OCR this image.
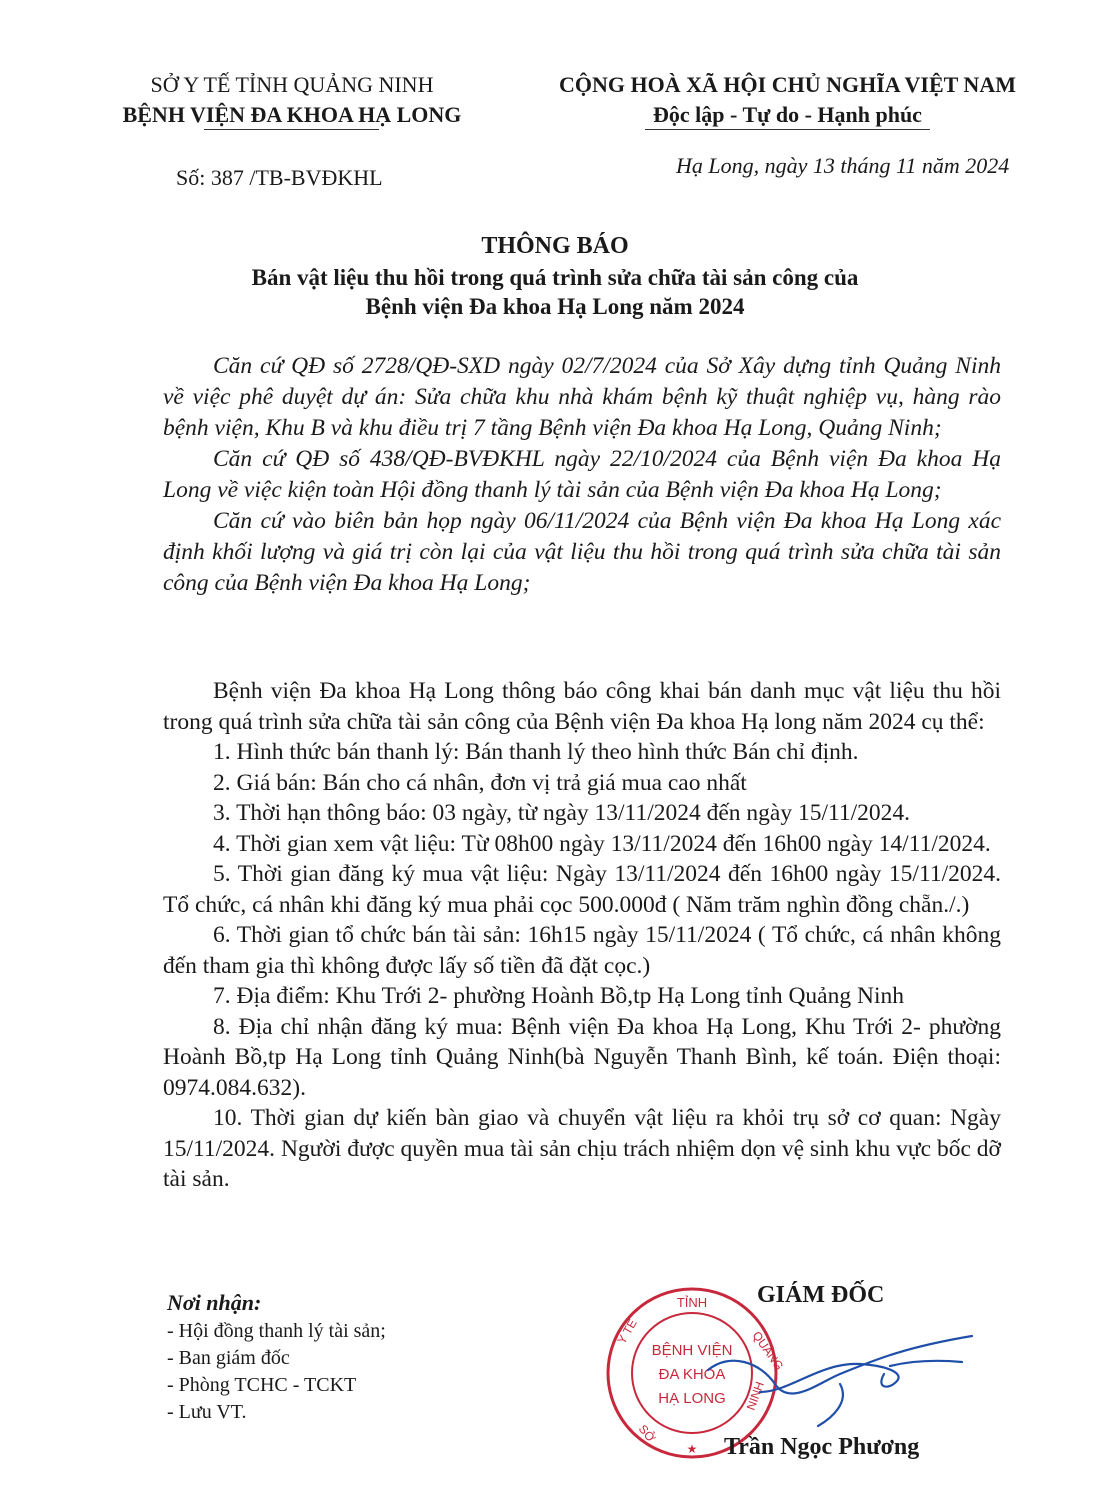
SỞ Y TẾ TỈNH QUẢNG NINH
BỆNH VIỆN ĐA KHOA HẠ LONG
CỘNG HOÀ XÃ HỘI CHỦ NGHĨA VIỆT NAM
Độc lập - Tự do - Hạnh phúc
Số: 387 /TB-BVĐKHL	Hạ Long, ngày 13 tháng 11 năm 2024
THÔNG BÁO
Bán vật liệu thu hồi trong quá trình sửa chữa tài sản công của
Bệnh viện Đa khoa Hạ Long năm 2024

Căn cứ QĐ số 2728/QĐ-SXD ngày 02/7/2024 của Sở Xây dựng tỉnh Quảng Ninh về việc phê duyệt dự án: Sửa chữa khu nhà khám bệnh kỹ thuật nghiệp vụ, hàng rào bệnh viện, Khu B và khu điều trị 7 tầng Bệnh viện Đa khoa Hạ Long, Quảng Ninh;

Căn cứ QĐ số 438/QĐ-BVĐKHL ngày 22/10/2024 của Bệnh viện Đa khoa Hạ Long về việc kiện toàn Hội đồng thanh lý tài sản của Bệnh viện Đa khoa Hạ Long;

Căn cứ vào biên bản họp ngày 06/11/2024 của Bệnh viện Đa khoa Hạ Long xác định khối lượng và giá trị còn lại của vật liệu thu hồi trong quá trình sửa chữa tài sản công của Bệnh viện Đa khoa Hạ Long;

Bệnh viện Đa khoa Hạ Long thông báo công khai bán danh mục vật liệu thu hồi trong quá trình sửa chữa tài sản công của Bệnh viện Đa khoa Hạ long năm 2024 cụ thể:

1. Hình thức bán thanh lý: Bán thanh lý theo hình thức Bán chỉ định.

2. Giá bán: Bán cho cá nhân, đơn vị trả giá mua cao nhất

3. Thời hạn thông báo: 03 ngày, từ ngày 13/11/2024 đến ngày 15/11/2024.

4. Thời gian xem vật liệu: Từ 08h00 ngày 13/11/2024 đến 16h00 ngày 14/11/2024.

5. Thời gian đăng ký mua vật liệu: Ngày 13/11/2024 đến 16h00 ngày 15/11/2024. Tổ chức, cá nhân khi đăng ký mua phải cọc 500.000đ ( Năm trăm nghìn đồng chẵn./.)

6. Thời gian tổ chức bán tài sản: 16h15 ngày 15/11/2024 ( Tổ chức, cá nhân không đến tham gia thì không được lấy số tiền đã đặt cọc.)

7. Địa điểm: Khu Trới 2- phường Hoành Bồ,tp Hạ Long tỉnh Quảng Ninh

8. Địa chỉ nhận đăng ký mua: Bệnh viện Đa khoa Hạ Long, Khu Trới 2- phường Hoành Bồ,tp Hạ Long tỉnh Quảng Ninh(bà Nguyễn Thanh Bình, kế toán. Điện thoại: 0974.084.632).

10. Thời gian dự kiến bàn giao và chuyển vật liệu ra khỏi trụ sở cơ quan: Ngày 15/11/2024. Người được quyền mua tài sản chịu trách nhiệm dọn vệ sinh khu vực bốc dỡ tài sản.

Nơi nhận:
- Hội đồng thanh lý tài sản;
- Ban giám đốc
- Phòng TCHC - TCKT
- Lưu VT.
TỈNH
QUẢNG
NINH
Y TẾ
SỞ
★
BỆNH VIỆN
ĐA KHOA
HẠ LONG
GIÁM ĐỐC
Trần Ngọc Phương
